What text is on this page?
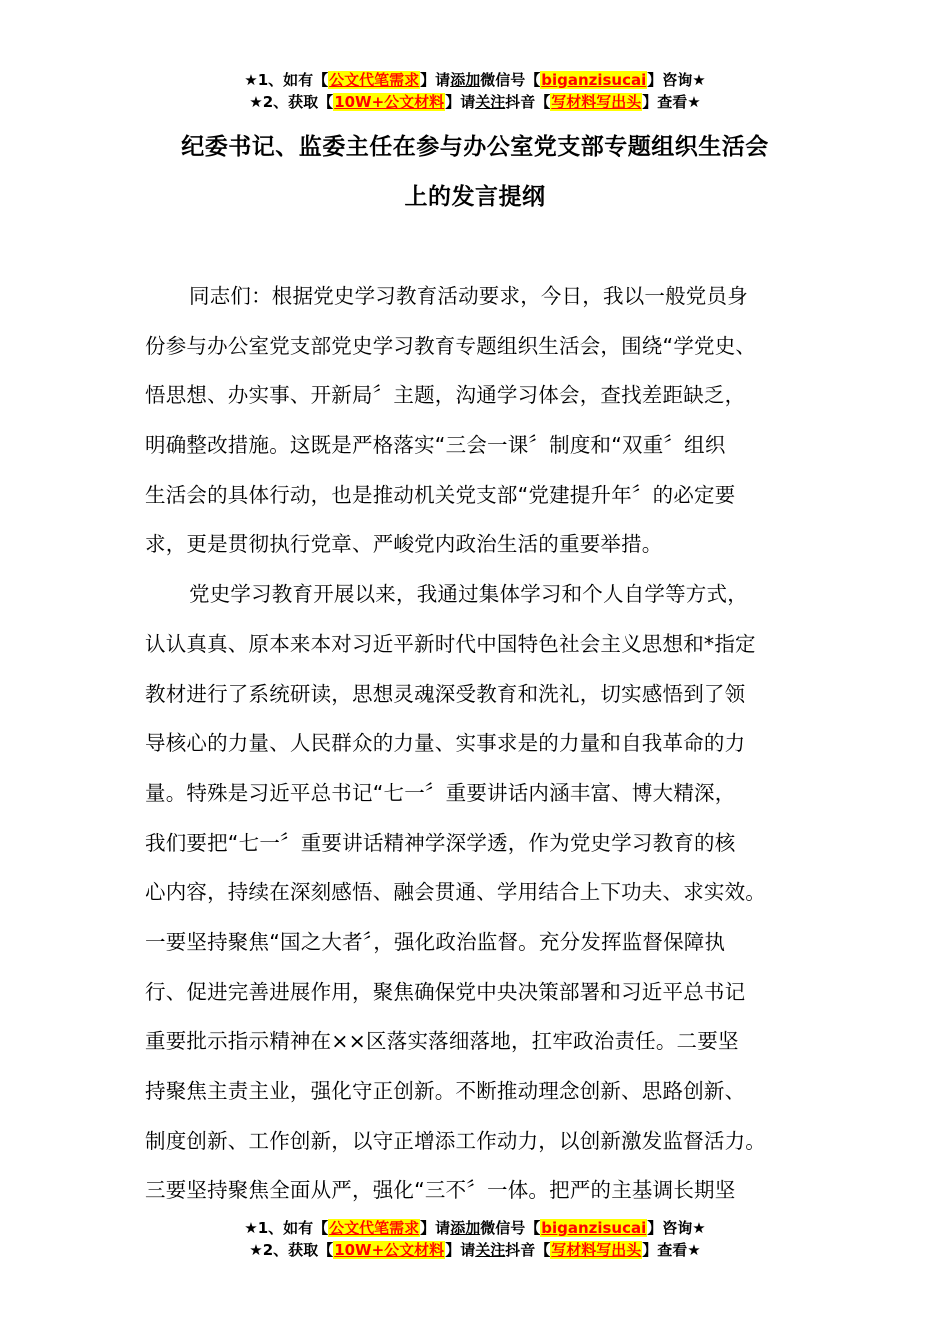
★1、如有【公文代笔需求】请添加微信号【biganzisucai】咨询★
★2、获取【10W+公文材料】请关注抖音【写材料写出头】查看★
纪委书记、监委主任在参与办公室党支部专题组织生活会
上的发言提纲
同志们：根据党史学习教育活动要求，今日，我以一般党员身
份参与办公室党支部党史学习教育专题组织生活会，围绕“学党史、
悟思想、办实事、开新局〞主题，沟通学习体会，查找差距缺乏，
明确整改措施。这既是严格落实“三会一课〞制度和“双重〞组织
生活会的具体行动，也是推动机关党支部“党建提升年〞的必定要
求，更是贯彻执行党章、严峻党内政治生活的重要举措。
党史学习教育开展以来，我通过集体学习和个人自学等方式，
认认真真、原本来本对习近平新时代中国特色社会主义思想和*指定
教材进行了系统研读，思想灵魂深受教育和洗礼，切实感悟到了领
导核心的力量、人民群众的力量、实事求是的力量和自我革命的力
量。特殊是习近平总书记“七一〞重要讲话内涵丰富、博大精深，
我们要把“七一〞重要讲话精神学深学透，作为党史学习教育的核
心内容，持续在深刻感悟、融会贯通、学用结合上下功夫、求实效。
一要坚持聚焦“国之大者〞，强化政治监督。充分发挥监督保障执
行、促进完善进展作用，聚焦确保党中央决策部署和习近平总书记
重要批示指示精神在××区落实落细落地，扛牢政治责任。二要坚
持聚焦主责主业，强化守正创新。不断推动理念创新、思路创新、
制度创新、工作创新，以守正增添工作动力，以创新激发监督活力。
三要坚持聚焦全面从严，强化“三不〞一体。把严的主基调长期坚
★1、如有【公文代笔需求】请添加微信号【biganzisucai】咨询★
★2、获取【10W+公文材料】请关注抖音【写材料写出头】查看★
